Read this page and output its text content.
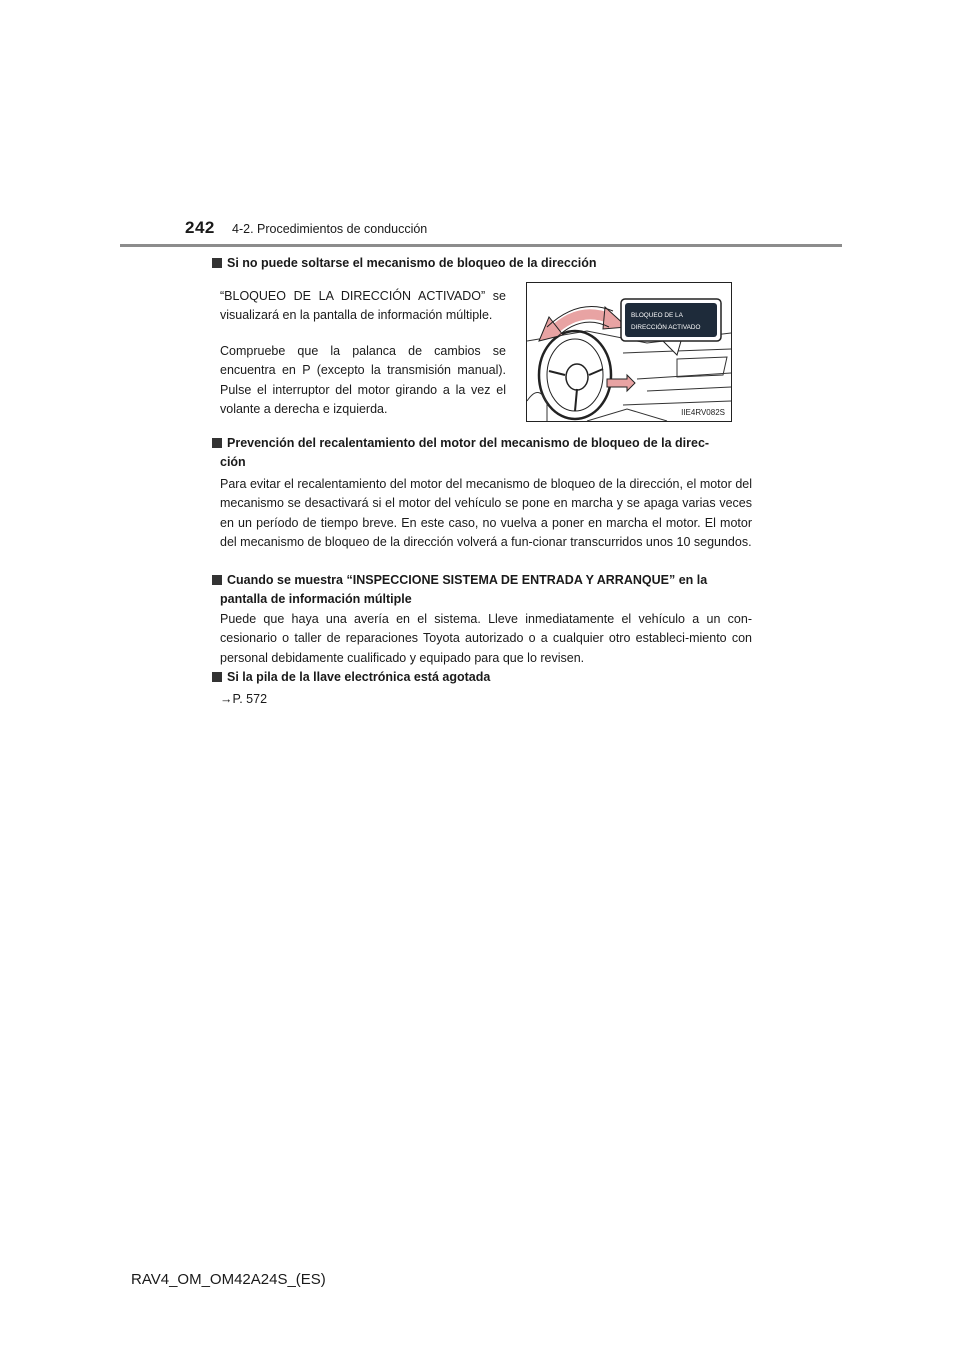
242 4-2. Procedimientos de conducción
Si no puede soltarse el mecanismo de bloqueo de la dirección
“BLOQUEO DE LA DIRECCIÓN ACTIVADO” se visualizará en la pantalla de información múltiple.
Compruebe que la palanca de cambios se encuentra en P (excepto la transmisión manual). Pulse el interruptor del motor girando a la vez el volante a derecha e izquierda.
BLOQUEO DE LA
DIRECCIÓN ACTIVADO
IIE4RV082S
Prevención del recalentamiento del motor del mecanismo de bloqueo de la direc-
ción
Para evitar el recalentamiento del motor del mecanismo de bloqueo de la dirección, el motor del mecanismo se desactivará si el motor del vehículo se pone en marcha y se apaga varias veces en un período de tiempo breve. En este caso, no vuelva a poner en marcha el motor. El motor del mecanismo de bloqueo de la dirección volverá a fun-cionar transcurridos unos 10 segundos.
Cuando se muestra “INSPECCIONE SISTEMA DE ENTRADA Y ARRANQUE” en la
pantalla de información múltiple
Puede que haya una avería en el sistema. Lleve inmediatamente el vehículo a un con-cesionario o taller de reparaciones Toyota autorizado o a cualquier otro estableci-miento con personal debidamente cualificado y equipado para que lo revisen.
Si la pila de la llave electrónica está agotada
→P. 572
RAV4_OM_OM42A24S_(ES)
